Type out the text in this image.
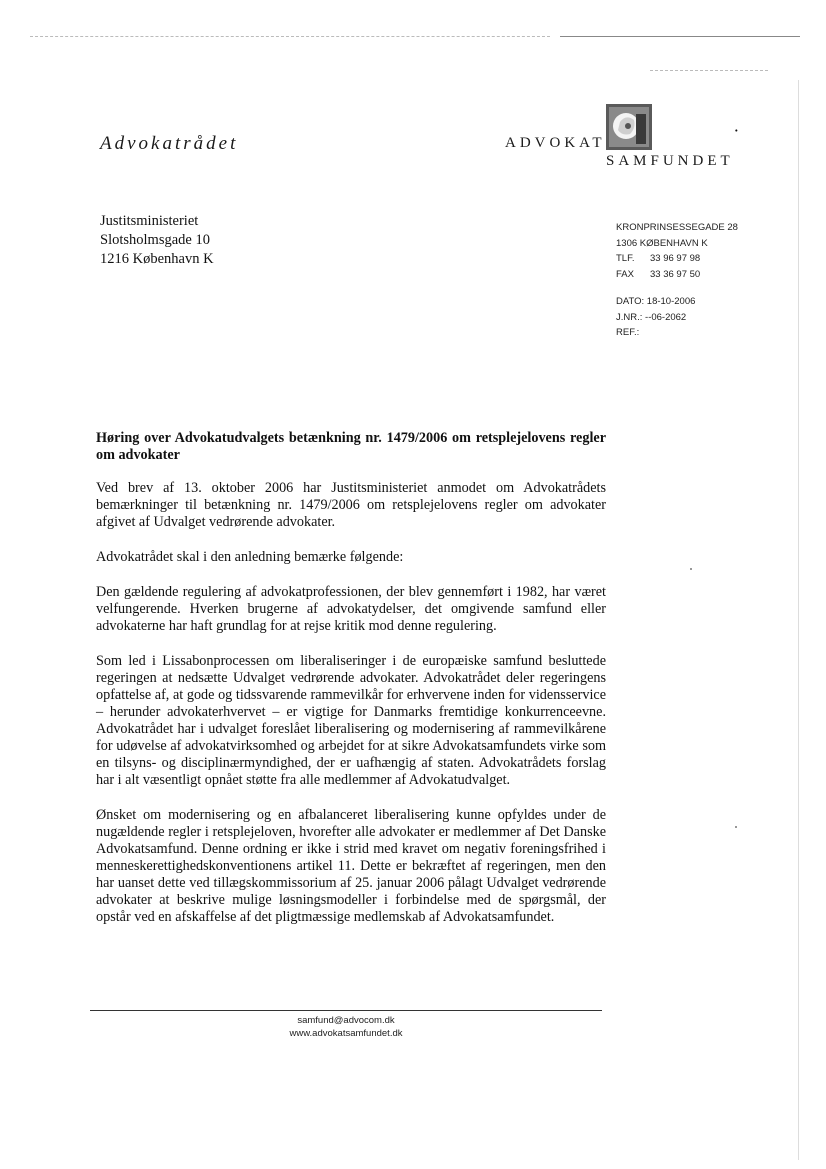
Advokatrådet	ADVOKAT
SAMFUNDET
˙
Justitsministeriet
Slotsholmsgade 10
1216 København K
KRONPRINSESSEGADE 28
1306 KØBENHAVN K
TLF. 33 96 97 98
FAX 33 36 97 50
DATO: 18-10-2006
J.NR.: --06-2062
REF.:

Høring over Advokatudvalgets betænkning nr. 1479/2006 om retsplejelovens regler om advokater

Ved brev af 13. oktober 2006 har Justitsministeriet anmodet om Advokatrådets bemærkninger til betænkning nr. 1479/2006 om retsplejelovens regler om advokater afgivet af Udvalget vedrørende advokater.

Advokatrådet skal i den anledning bemærke følgende:

Den gældende regulering af advokatprofessionen, der blev gennemført i 1982, har været velfungerende. Hverken brugerne af advokatydelser, det omgivende samfund eller advokaterne har haft grundlag for at rejse kritik mod denne regulering.

Som led i Lissabonprocessen om liberaliseringer i de europæiske samfund besluttede regeringen at nedsætte Udvalget vedrørende advokater. Advokatrådet deler regeringens opfattelse af, at gode og tidssvarende rammevilkår for erhvervene inden for vidensservice – herunder advokaterhvervet – er vigtige for Danmarks fremtidige konkurrenceevne. Advokatrådet har i udvalget foreslået liberalisering og modernisering af rammevilkårene for udøvelse af advokatvirksomhed og arbejdet for at sikre Advokatsamfundets virke som en tilsyns- og disciplinærmyndighed, der er uafhængig af staten. Advokatrådets forslag har i alt væsentligt opnået støtte fra alle medlemmer af Advokatudvalget.

Ønsket om modernisering og en afbalanceret liberalisering kunne opfyldes under de nugældende regler i retsplejeloven, hvorefter alle advokater er medlemmer af Det Danske Advokatsamfund. Denne ordning er ikke i strid med kravet om negativ foreningsfrihed i menneskerettighedskonventionens artikel 11. Dette er bekræftet af regeringen, men den har uanset dette ved tillægskommissorium af 25. januar 2006 pålagt Udvalget vedrørende advokater at beskrive mulige løsningsmodeller i forbindelse med de spørgsmål, der opstår ved en afskaffelse af det pligtmæssige medlemskab af Advokatsamfundet.

samfund@advocom.dk
www.advokatsamfundet.dk
